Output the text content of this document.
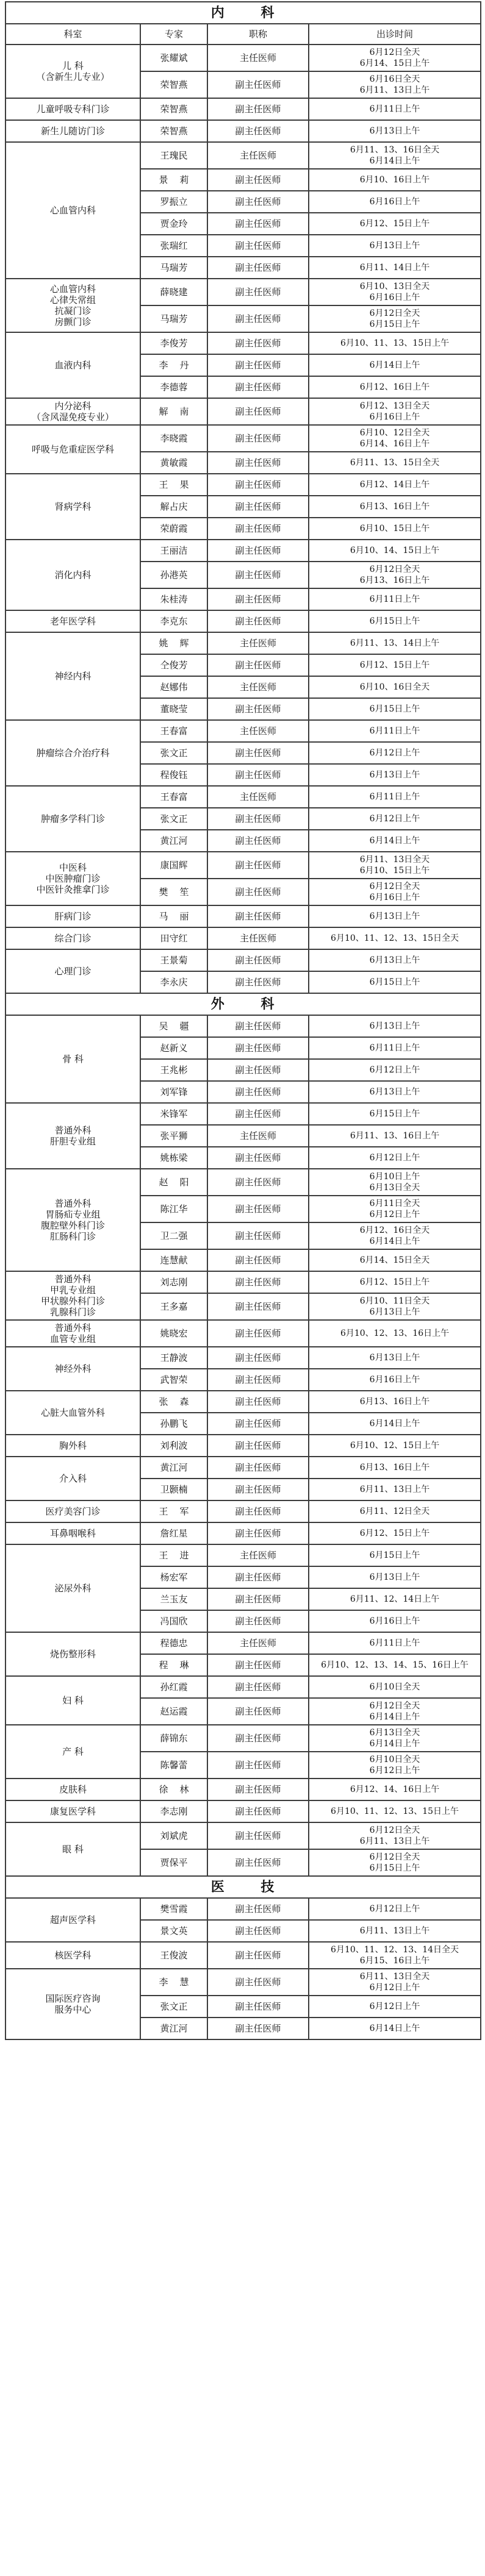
内 科			
科室	专家	职称	出诊时间
儿 科
（含新生儿专业）	张耀斌	主任医师	6月12日全天
6月14、15日上午
	荣智燕	副主任医师	6月16日全天
6月11、13日上午
儿童呼吸专科门诊	荣智燕	副主任医师	6月11日上午
新生儿随访门诊	荣智燕	副主任医师	6月13日上午
心血管内科	王瑰民	主任医师	6月11、13、16日全天
6月14日上午
	景    莉	副主任医师	6月10、16日上午
	罗振立	副主任医师	6月16日上午
	贾金玲	副主任医师	6月12、15日上午
	张瑞红	副主任医师	6月13日上午
	马瑞芳	副主任医师	6月11、14日上午
心血管内科
心律失常组
抗凝门诊
房颤门诊	薛晓建	副主任医师	6月10、13日全天
6月16日上午
	马瑞芳	副主任医师	6月12日全天
6月15日上午
血液内科	李俊芳	副主任医师	6月10、11、13、15日上午
	李    丹	副主任医师	6月14日上午
	李德蓉	副主任医师	6月12、16日上午
内分泌科
（含风湿免疫专业）	解    南	副主任医师	6月12、13日全天
6月16日上午
呼吸与危重症医学科	李晓霞	副主任医师	6月10、12日全天
6月14、16日上午
	黄敏霞	副主任医师	6月11、13、15日全天
肾病学科	王    果	副主任医师	6月12、14日上午
	解占庆	副主任医师	6月13、16日上午
	荣蔚霞	副主任医师	6月10、15日上午
消化内科	王丽洁	副主任医师	6月10、14、15日上午
	孙港英	副主任医师	6月12日全天
6月13、16日上午
	朱桂涛	副主任医师	6月11日上午
老年医学科	李克东	副主任医师	6月15日上午
神经内科	姚    辉	主任医师	6月11、13、14日上午
	仝俊芳	副主任医师	6月12、15日上午
	赵娜伟	主任医师	6月10、16日全天
	董晓莹	副主任医师	6月15日上午
肿瘤综合介治疗科	王春富	主任医师	6月11日上午
	张文正	副主任医师	6月12日上午
	程俊钰	副主任医师	6月13日上午
肿瘤多学科门诊	王春富	主任医师	6月11日上午
	张文正	副主任医师	6月12日上午
	黄江河	副主任医师	6月14日上午
中医科
中医肿瘤门诊
中医针灸推拿门诊	康国辉	副主任医师	6月11、13日全天
6月10、15日上午
	樊    笙	副主任医师	6月12日全天
6月16日上午
肝病门诊	马    丽	副主任医师	6月13日上午
综合门诊	田守红	主任医师	6月10、11、12、13、15日全天
心理门诊	王景菊	副主任医师	6月13日上午
	李永庆	副主任医师	6月15日上午
外 科			
骨 科	吴    疆	副主任医师	6月13日上午
	赵新义	副主任医师	6月11日上午
	王兆彬	副主任医师	6月12日上午
	刘军锋	副主任医师	6月13日上午
普通外科
肝胆专业组	米锋军	副主任医师	6月15日上午
	张平狮	主任医师	6月11、13、16日上午
	姚栋梁	副主任医师	6月12日上午
普通外科
胃肠疝专业组
腹腔壁外科门诊
肛肠科门诊	赵    阳	副主任医师	6月10日上午
6月13日全天
	陈江华	副主任医师	6月11日全天
6月12日上午
	卫二强	副主任医师	6月12、16日全天
6月14日上午
	连慧献	副主任医师	6月14、15日全天
普通外科
甲乳专业组
甲状腺外科门诊
乳腺科门诊	刘志刚	副主任医师	6月12、15日上午
	王多嘉	副主任医师	6月10、11日全天
6月13日上午
普通外科
血管专业组	姚晓宏	副主任医师	6月10、12、13、16日上午
神经外科	王静波	副主任医师	6月13日上午
	武智荣	副主任医师	6月16日上午
心脏大血管外科	张    森	副主任医师	6月13、16日上午
	孙鹏飞	副主任医师	6月14日上午
胸外科	刘利波	副主任医师	6月10、12、15日上午
介入科	黄江河	副主任医师	6月13、16日上午
	卫颢楠	副主任医师	6月11、13日上午
医疗美容门诊	王    军	副主任医师	6月11、12日全天
耳鼻咽喉科	詹红星	副主任医师	6月12、15日上午
泌尿外科	王    进	主任医师	6月15日上午
	杨宏军	副主任医师	6月13日上午
	兰玉友	副主任医师	6月11、12、14日上午
	冯国欣	副主任医师	6月16日上午
烧伤整形科	程德忠	主任医师	6月11日上午
	程    琳	副主任医师	6月10、12、13、14、15、16日上午
妇 科	孙红霞	副主任医师	6月10日全天
	赵运霞	副主任医师	6月12日全天
6月14日上午
产 科	薛锦东	副主任医师	6月13日全天
6月14日上午
	陈馨蕾	副主任医师	6月10日全天
6月12日上午
皮肤科	徐    林	副主任医师	6月12、14、16日上午
康复医学科	李志刚	副主任医师	6月10、11、12、13、15日上午
眼 科	刘斌虎	副主任医师	6月12日全天
6月11、13日上午
	贾保平	副主任医师	6月12日全天
6月15日上午
医 技			
超声医学科	樊雪霞	副主任医师	6月12日上午
	景文英	副主任医师	6月11、13日上午
核医学科	王俊波	副主任医师	6月10、11、12、13、14日全天
6月15、16日上午
国际医疗咨询
服务中心	李    慧	副主任医师	6月11、13日全天
6月12日上午
	张文正	副主任医师	6月12日上午
	黄江河	副主任医师	6月14日上午
